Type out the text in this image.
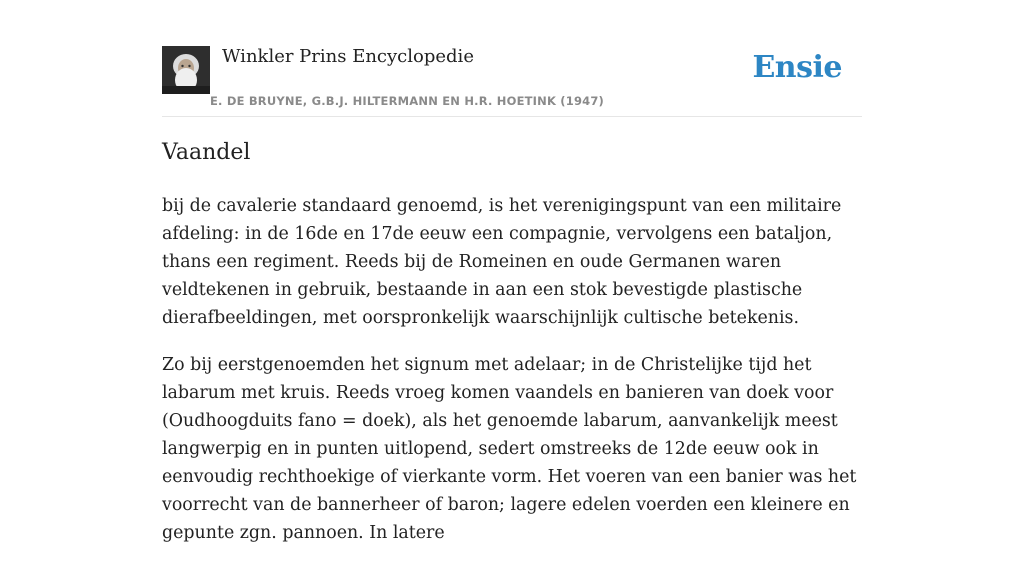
Winkler Prins Encyclopedie
E. DE BRUYNE, G.B.J. HILTERMANN EN H.R. HOETINK (1947)
Ensie
Vaandel

bij de cavalerie standaard genoemd, is het verenigingspunt van een militaire afdeling: in de 16de en 17de eeuw een compagnie, vervolgens een bataljon, thans een regiment. Reeds bij de Romeinen en oude Germanen waren veldtekenen in gebruik, bestaande in aan een stok bevestigde plastische dierafbeeldingen, met oorspronkelijk waarschijnlijk cultische betekenis.

Zo bij eerstgenoemden het signum met adelaar; in de Christelijke tijd het labarum met kruis. Reeds vroeg komen vaandels en banieren van doek voor (Oudhoogduits fano = doek), als het genoemde labarum, aanvankelijk meest langwerpig en in punten uitlopend, sedert omstreeks de 12de eeuw ook in eenvoudig rechthoekige of vierkante vorm. Het voeren van een banier was het voorrecht van de bannerheer of baron; lagere edelen voerden een kleinere en gepunte zgn. pannoen. In latere
